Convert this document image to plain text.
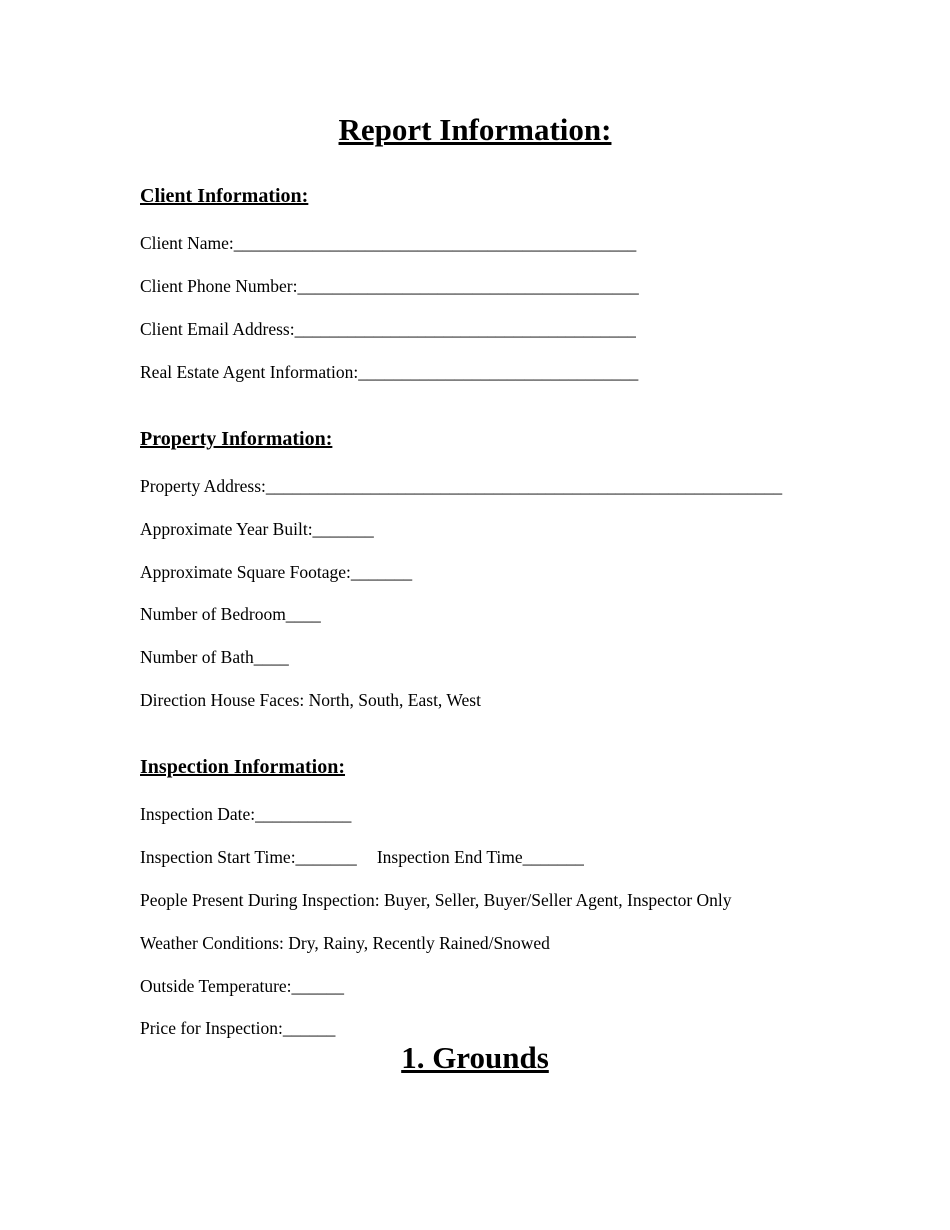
Report Information:
Client Information:

Client Name:______________________________________________

Client Phone Number:_______________________________________

Client Email Address:_______________________________________

Real Estate Agent Information:________________________________

Property Information:

Property Address:___________________________________________________________

Approximate Year Built:_______

Approximate Square Footage:_______

Number of Bedroom____

Number of Bath____

Direction House Faces: North, South, East, West

Inspection Information:

Inspection Date:___________

Inspection Start Time:_______ Inspection End Time_______

People Present During Inspection: Buyer, Seller, Buyer/Seller Agent, Inspector Only

Weather Conditions: Dry, Rainy, Recently Rained/Snowed

Outside Temperature:______

Price for Inspection:______

1. Grounds
